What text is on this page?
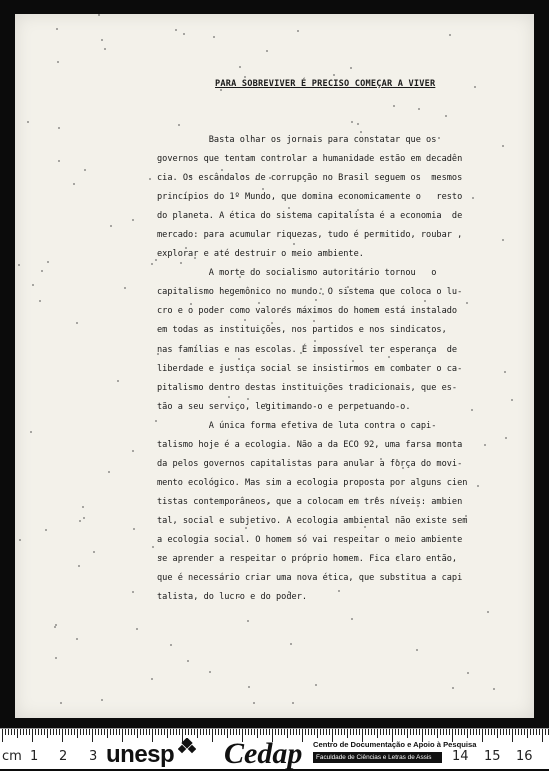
PARA SOBREVIVER É PRECISO COMEÇAR A VIVER
Basta olhar os jornais para constatar que os
governos que tentam controlar a humanidade estão em decadên
cia. Os escândalos de corrupção no Brasil seguem os  mesmos
princípios do 1º Mundo, que domina economicamente o   resto
do planeta. A ética do sistema capitalista é a economia  de
mercado: para acumular riquezas, tudo é permitido, roubar ,
explorar e até destruir o meio ambiente.
A morte do socialismo autoritário tornou   o
capitalismo hegemônico no mundo. O sistema que coloca o lu-
cro e o poder como valores máximos do homem está instalado
em todas as instituições, nos partidos e nos sindicatos,
nas famílias e nas escolas. É impossível ter esperança  de
liberdade e justiça social se insistirmos em combater o ca-
pitalismo dentro destas instituições tradicionais, que es-
tão a seu serviço, legitimando-o e perpetuando-o.
A única forma efetiva de luta contra o capi-
talismo hoje é a ecologia. Não a da ECO 92, uma farsa monta
da pelos governos capitalistas para anular a força do movi-
mento ecológico. Mas sim a ecologia proposta por alguns cien
tistas contemporâneos, que a colocam em três níveis: ambien
tal, social e subjetivo. A ecologia ambiental não existe sem
a ecologia social. O homem só vai respeitar o meio ambiente
se aprender a respeitar o próprio homem. Fica claro então,
que é necessário criar uma nova ética, que substitua a capi
talista, do lucro e do poder.
cm 1 2 3 unesp Cedap Centro de Documentação e Apoio à Pesquisa
Faculdade de Ciências e Letras de Assis	14 15 16
